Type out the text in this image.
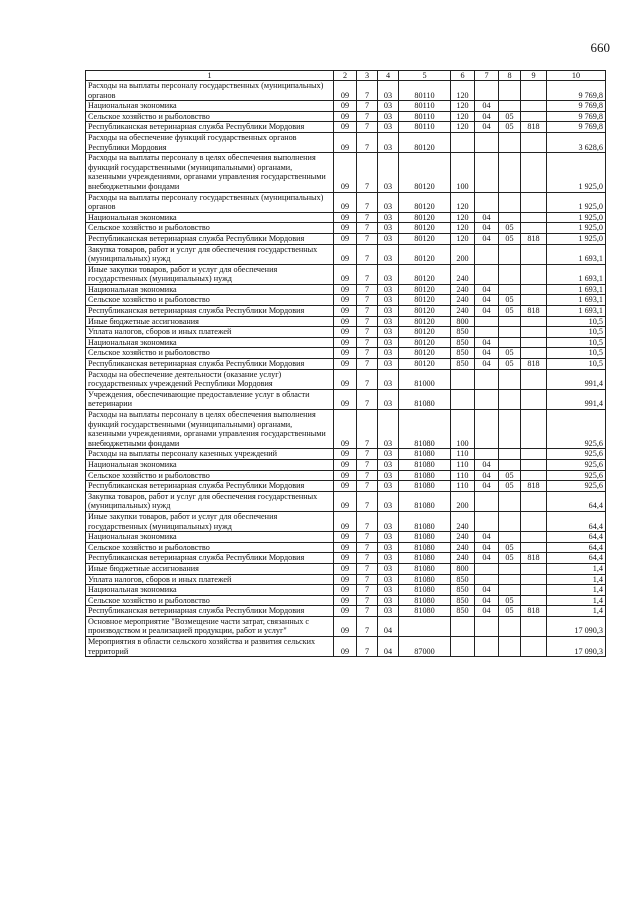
660
1	2	3	4	5	6	7	8	9	10
Расходы на выплаты персоналу государственных (муниципальных) органов	09	7	03	80110	120				9 769,8
Национальная экономика	09	7	03	80110	120	04			9 769,8
Сельское хозяйство и рыболовство	09	7	03	80110	120	04	05		9 769,8
Республиканская ветеринарная служба Республики Мордовия	09	7	03	80110	120	04	05	818	9 769,8
Расходы на обеспечение функций государственных органов Республики Мордовия	09	7	03	80120					3 628,6
Расходы на выплаты персоналу в целях обеспечения выполнения функций государственными (муниципальными) органами, казенными учреждениями, органами управления государственными внебюджетными фондами	09	7	03	80120	100				1 925,0
Расходы на выплаты персоналу государственных (муниципальных) органов	09	7	03	80120	120				1 925,0
Национальная экономика	09	7	03	80120	120	04			1 925,0
Сельское хозяйство и рыболовство	09	7	03	80120	120	04	05		1 925,0
Республиканская ветеринарная служба Республики Мордовия	09	7	03	80120	120	04	05	818	1 925,0
Закупка товаров, работ и услуг для обеспечения государственных (муниципальных) нужд	09	7	03	80120	200				1 693,1
Иные закупки товаров, работ и услуг для обеспечения государственных (муниципальных) нужд	09	7	03	80120	240				1 693,1
Национальная экономика	09	7	03	80120	240	04			1 693,1
Сельское хозяйство и рыболовство	09	7	03	80120	240	04	05		1 693,1
Республиканская ветеринарная служба Республики Мордовия	09	7	03	80120	240	04	05	818	1 693,1
Иные бюджетные ассигнования	09	7	03	80120	800				10,5
Уплата налогов, сборов и иных платежей	09	7	03	80120	850				10,5
Национальная экономика	09	7	03	80120	850	04			10,5
Сельское хозяйство и рыболовство	09	7	03	80120	850	04	05		10,5
Республиканская ветеринарная служба Республики Мордовия	09	7	03	80120	850	04	05	818	10,5
Расходы на обеспечение деятельности (оказание услуг) государственных учреждений Республики Мордовия	09	7	03	81000					991,4
Учреждения, обеспечивающие предоставление услуг в области ветеринарии	09	7	03	81080					991,4
Расходы на выплаты персоналу в целях обеспечения выполнения функций государственными (муниципальными) органами, казенными учреждениями, органами управления государственными внебюджетными фондами	09	7	03	81080	100				925,6
Расходы на выплаты персоналу казенных учреждений	09	7	03	81080	110				925,6
Национальная экономика	09	7	03	81080	110	04			925,6
Сельское хозяйство и рыболовство	09	7	03	81080	110	04	05		925,6
Республиканская ветеринарная служба Республики Мордовия	09	7	03	81080	110	04	05	818	925,6
Закупка товаров, работ и услуг для обеспечения государственных (муниципальных) нужд	09	7	03	81080	200				64,4
Иные закупки товаров, работ и услуг для обеспечения государственных (муниципальных) нужд	09	7	03	81080	240				64,4
Национальная экономика	09	7	03	81080	240	04			64,4
Сельское хозяйство и рыболовство	09	7	03	81080	240	04	05		64,4
Республиканская ветеринарная служба Республики Мордовия	09	7	03	81080	240	04	05	818	64,4
Иные бюджетные ассигнования	09	7	03	81080	800				1,4
Уплата налогов, сборов и иных платежей	09	7	03	81080	850				1,4
Национальная экономика	09	7	03	81080	850	04			1,4
Сельское хозяйство и рыболовство	09	7	03	81080	850	04	05		1,4
Республиканская ветеринарная служба Республики Мордовия	09	7	03	81080	850	04	05	818	1,4
Основное мероприятие "Возмещение части затрат, связанных с производством и реализацией продукции, работ и услуг"	09	7	04						17 090,3
Мероприятия в области сельского хозяйства и развития сельских территорий	09	7	04	87000					17 090,3
